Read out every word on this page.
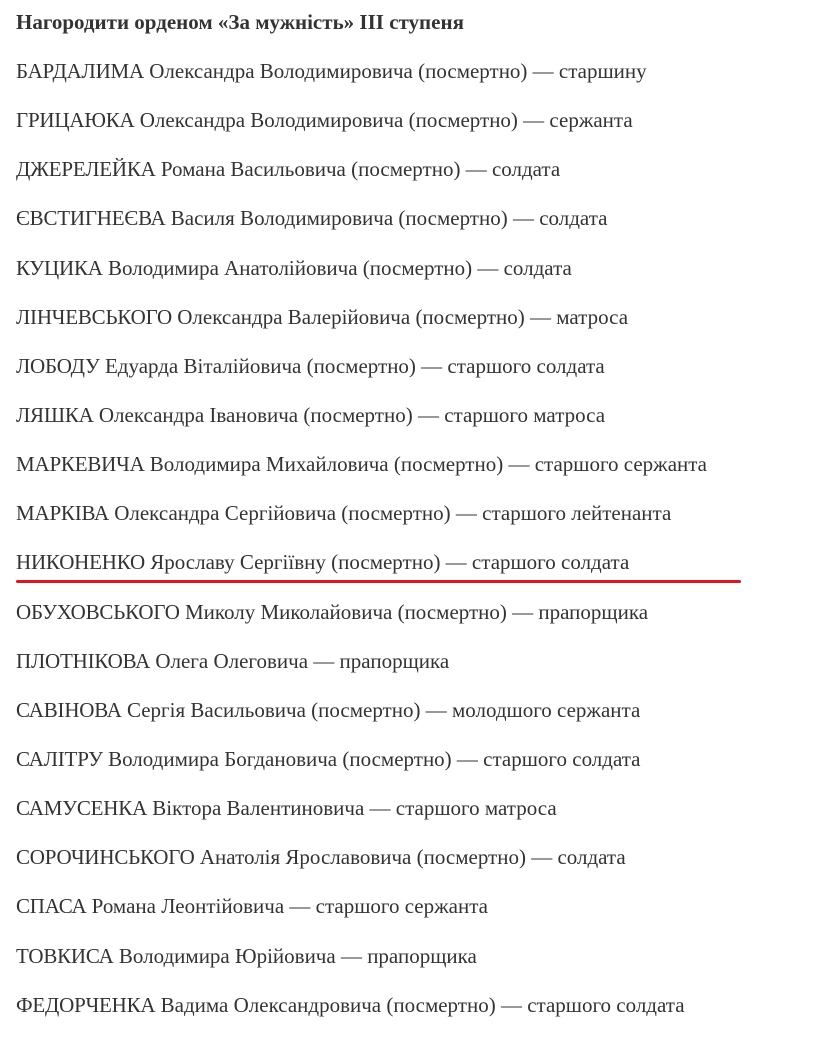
Нагородити орденом «За мужність» III ступеня
БАРДАЛИМА Олександра Володимировича (посмертно) — старшину
ГРИЦАЮКА Олександра Володимировича (посмертно) — сержанта
ДЖЕРЕЛЕЙКА Романа Васильовича (посмертно) — солдата
ЄВСТИГНЕЄВА Василя Володимировича (посмертно) — солдата
КУЦИКА Володимира Анатолійовича (посмертно) — солдата
ЛІНЧЕВСЬКОГО Олександра Валерійовича (посмертно) — матроса
ЛОБОДУ Едуарда Віталійовича (посмертно) — старшого солдата
ЛЯШКА Олександра Івановича (посмертно) — старшого матроса
МАРКЕВИЧА Володимира Михайловича (посмертно) — старшого сержанта
МАРКІВА Олександра Сергійовича (посмертно) — старшого лейтенанта
НИКОНЕНКО Ярославу Сергіївну (посмертно) — старшого солдата
ОБУХОВСЬКОГО Миколу Миколайовича (посмертно) — прапорщика
ПЛОТНІКОВА Олега Олеговича — прапорщика
САВІНОВА Сергія Васильовича (посмертно) — молодшого сержанта
САЛІТРУ Володимира Богдановича (посмертно) — старшого солдата
САМУСЕНКА Віктора Валентиновича — старшого матроса
СОРОЧИНСЬКОГО Анатолія Ярославовича (посмертно) — солдата
СПАСА Романа Леонтійовича — старшого сержанта
ТОВКИСА Володимира Юрійовича — прапорщика
ФЕДОРЧЕНКА Вадима Олександровича (посмертно) — старшого солдата
